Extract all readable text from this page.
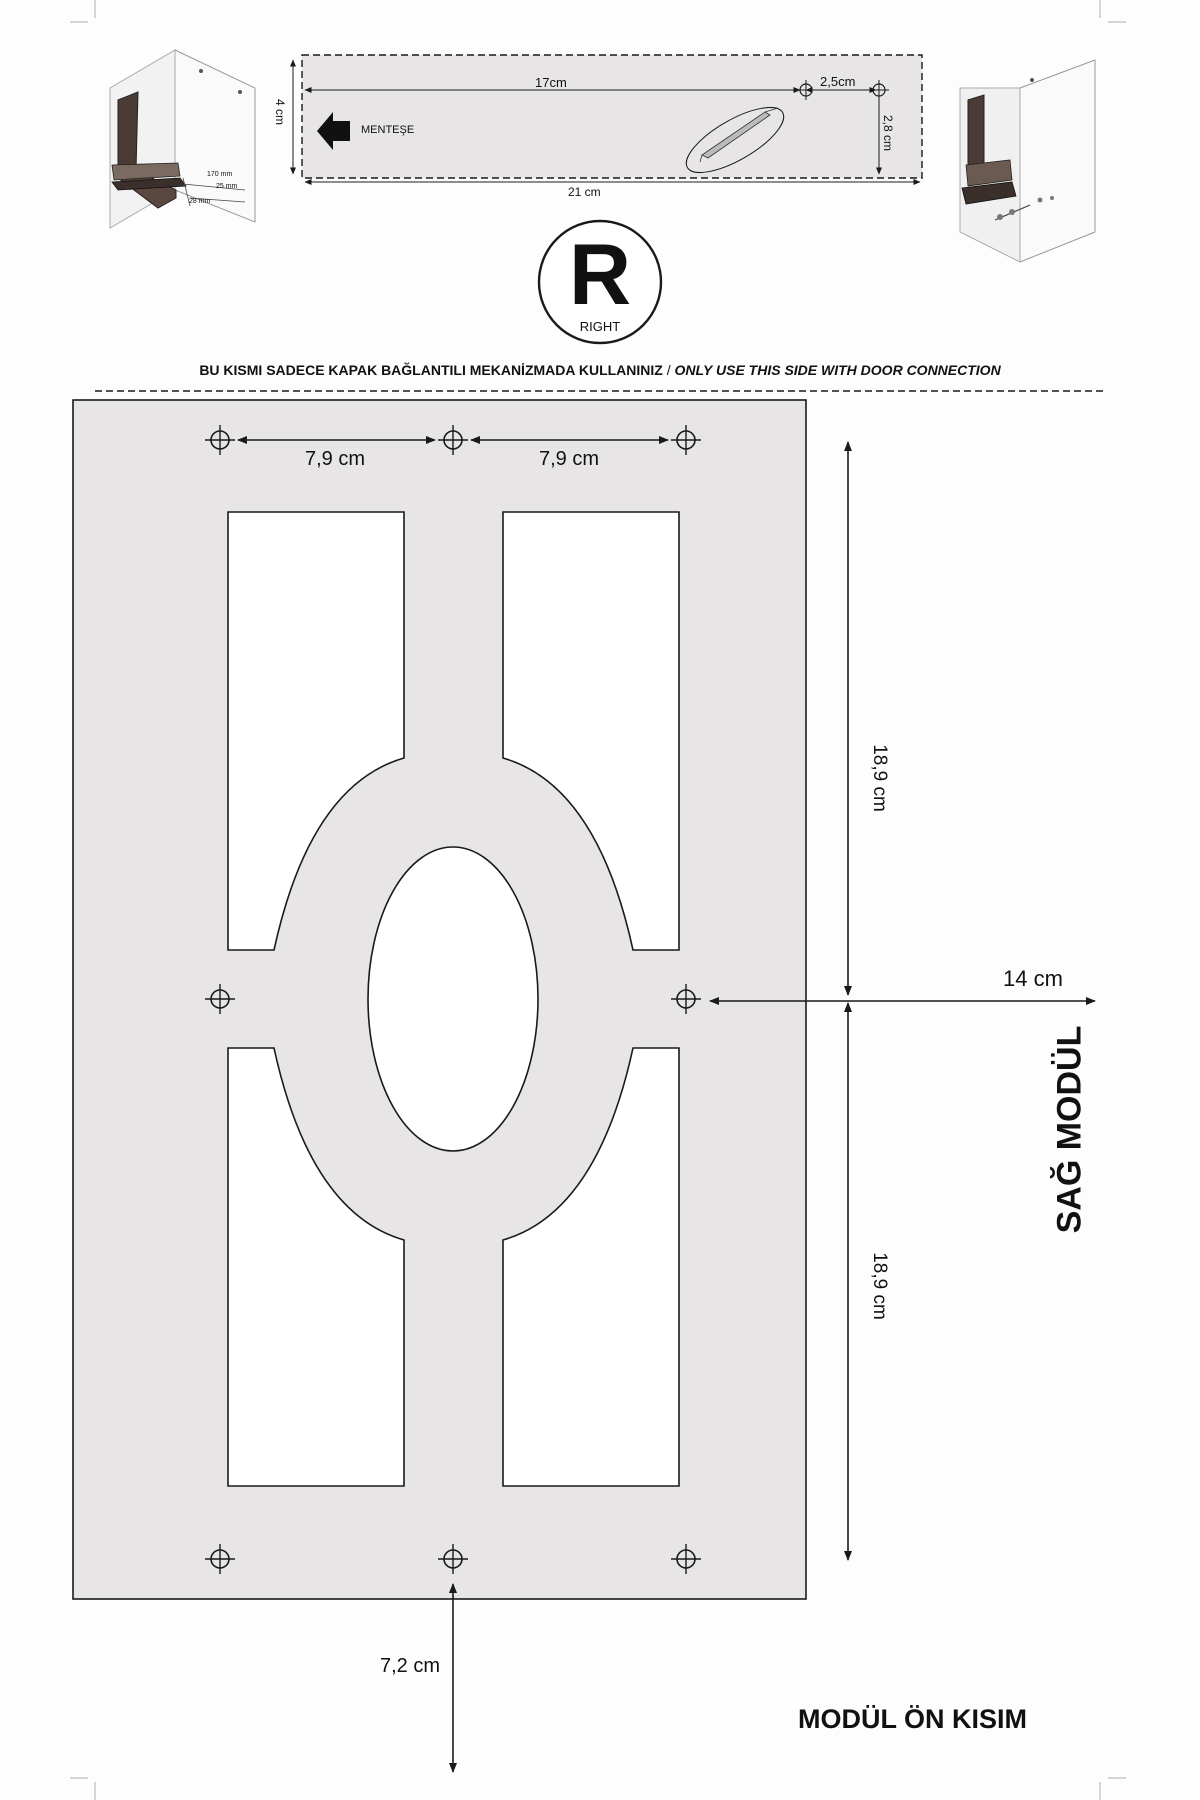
4 cm
17cm	2,5cm
2,8 cm
21 cm
MENTEŞE
170 mm
25 mm
28 mm
R
RIGHT
BU KISMI SADECE KAPAK BAĞLANTILI MEKANİZMADA KULLANINIZ / ONLY USE THIS SIDE WITH DOOR CONNECTION
7,9 cm	7,9 cm
18,9 cm
18,9 cm
14 cm
7,2 cm
SAĞ MODÜL
MODÜL ÖN KISIM
